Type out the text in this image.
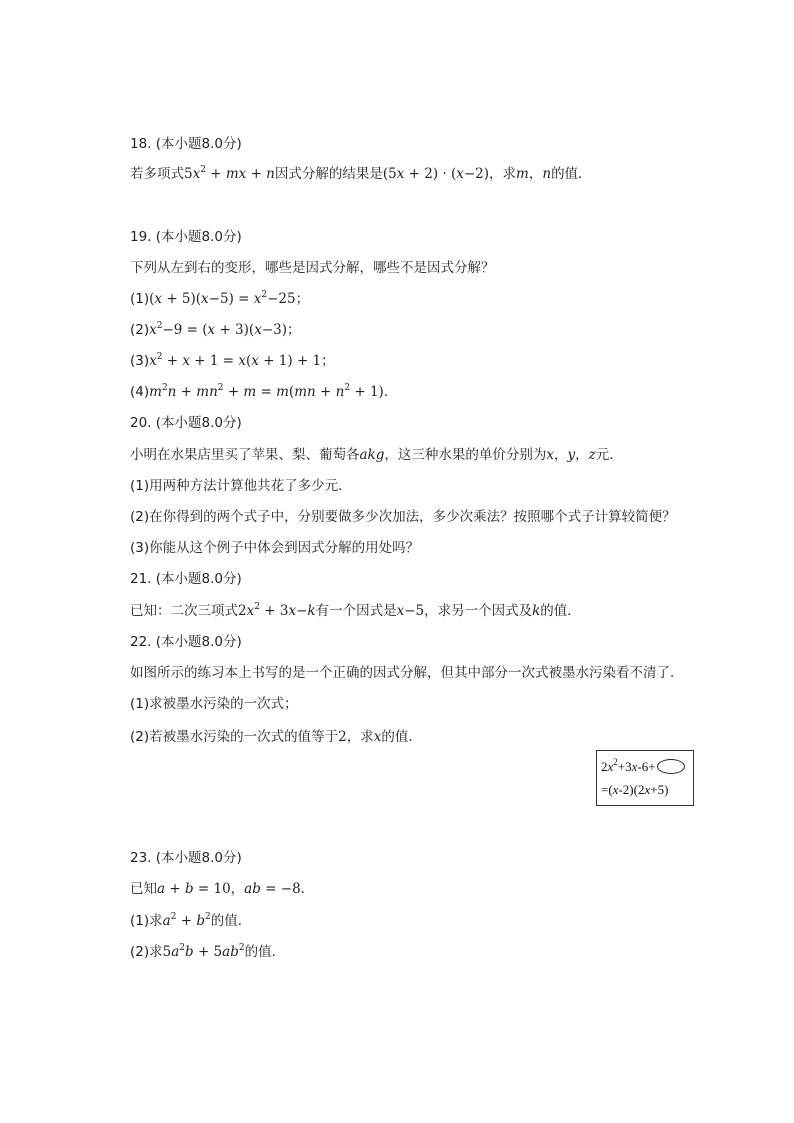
18. (本小题8.0分)
若多项式$5x^2$ + mx + n因式分解的结果是(5x + 2) · (x−2)，求m，n的值．
19. (本小题8.0分)
下列从左到右的变形，哪些是因式分解，哪些不是因式分解？
$(1)(x + 5)(x-5) = x^2-25$；
$(2)x^2-9 = (x + 3)(x-3)$；
$(3)x^2 + x + 1 = x(x + 1) + 1$；
$(4)m^2n + mn^2 + m = m(mn + n^2 + 1)$．
20. (本小题8.0分)
小明在水果店里买了苹果、梨、葡萄各akg，这三种水果的单价分别为x，y，z元．
(1)用两种方法计算他共花了多少元．
(2)在你得到的两个式子中，分别要做多少次加法，多少次乘法？按照哪个式子计算较简便？
(3)你能从这个例子中体会到因式分解的用处吗？
21. (本小题8.0分)
已知：二次三项式$2x^2 + 3x-k$有一个因式是x−5，求另一个因式及k的值．
22. (本小题8.0分)
如图所示的练习本上书写的是一个正确的因式分解，但其中部分一次式被墨水污染看不清了．
(1)求被墨水污染的一次式；
(2)若被墨水污染的一次式的值等于2，求x的值．
$2x^2+3x-6+$
=(x-2)(2x+5)
23. (本小题8.0分)
已知a + b = 10，ab = −8．
(1)求$a^2 + b^2$的值．
(2)求$5a^2b + 5ab^2$的值．
